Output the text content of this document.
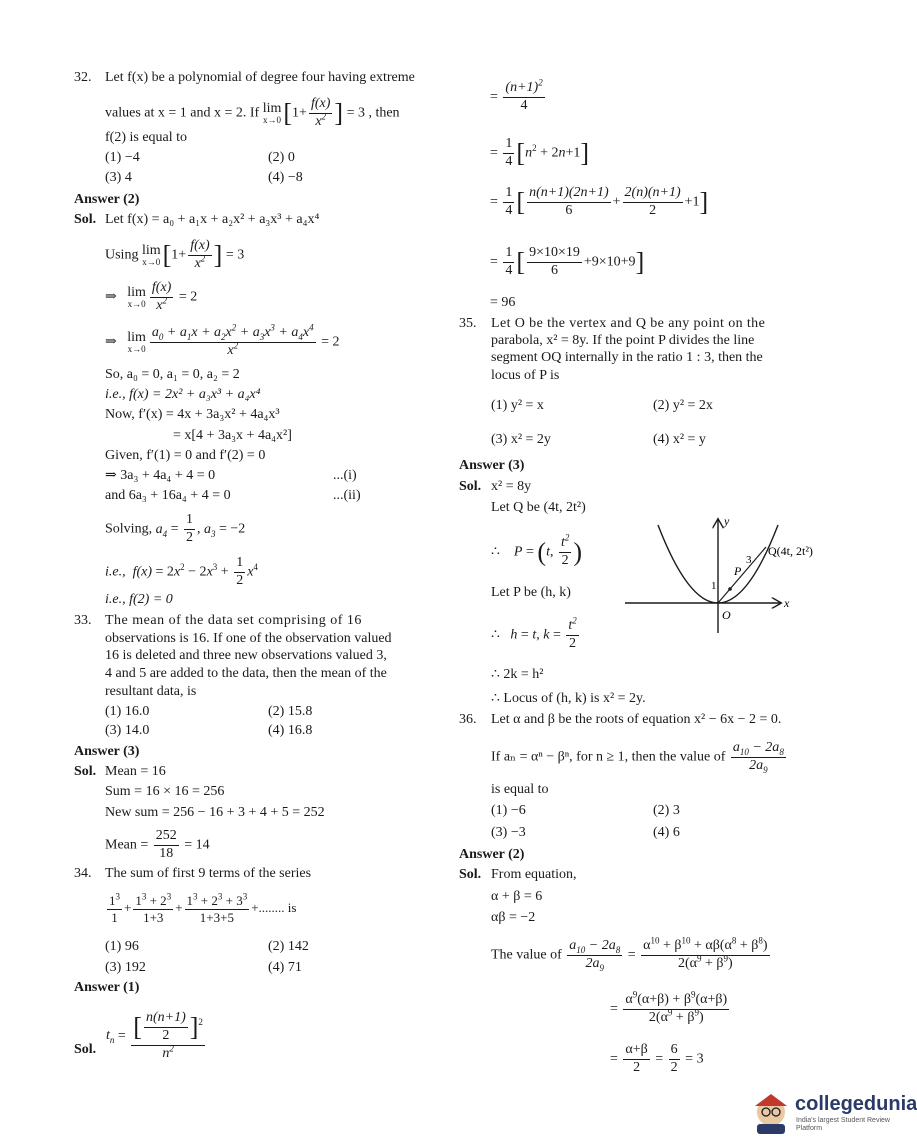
32. Let f(x) be a polynomial of degree four having extreme
values at x = 1 and x = 2. If lim
x→0 [$1+ \frac{f(x)}{x^2}$ ] = 3 , then
f(2) is equal to
(1) −4	(2) 0
(3) 4	(4) −8
Answer (2)
Sol. Let f(x) = a₀ + a₁x + a₂x² + a₃x³ + a₄x⁴
Using lim
x→0 [$1+ \frac{f(x)}{x^2}$ ] = 3
⇒   lim
$x\to 0 \frac{f(x)}{x^2} = 2$
⇒   lim
$x\to 0 \frac{a_0 + a_1x + a_2x^2 + a_3x^3 + a_4x^4}{x^2} = 2$
So, a₀ = 0, a₁ = 0, a₂ = 2
i.e., f(x) = 2x² + a₃x³ + a₄x⁴
Now, f′(x) = 4x + 3a₃x² + 4a₄x³
= x[4 + 3a₃x + 4a₄x²]
Given, f′(1) = 0 and f′(2) = 0
⇒ 3a₃ + 4a₄ + 4 = 0	...(i)
and 6a₃ + 16a₄ + 4 = 0	...(ii)
Solving, $a_4 = \frac{1}{2}$ , $a_3 = -2$
i.e.,  $f(x) = 2x^2 - 2x^3 + \frac{1}{2} x^4$
i.e., f(2) = 0
33. The mean of the data set comprising of 16
observations is 16. If one of the observation valued
16 is deleted and three new observations valued 3,
4 and 5 are added to the data, then the mean of the
resultant data, is
(1) 16.0	(2) 15.8
(3) 14.0	(4) 16.8
Answer (3)
Sol. Mean = 16
Sum = 16 × 16 = 256
New sum = 256 − 16 + 3 + 4 + 5 = 252
Mean = $\frac{252}{18} = 14$
34. The sum of first 9 terms of the series
$\frac{1^3}{1} + \frac{1^3 + 2^3}{1+3} + \frac{1^3 + 2^3 + 3^3}{1+3+5}$ +........ is
(1) 96	(2) 142
(3) 192	(4) 71
Answer (1)
Sol.
$t_n = \frac{[ \frac{n(n+1)}{2} ]^2}{n^2}$
= $\frac{(n+1)^2}{4}$
= $\frac{1}{4} [n^2 + 2n+1]$
= $\frac{1}{4}$ [ $\frac{n(n+1)(2n+1)}{6} + \frac{2(n)(n+1)}{2} +1$]
= $\frac{1}{4}$ [ $\frac{9\times 10\times 19}{6} +9\times 10+9$]
= 96
35. Let O be the vertex and Q be any point on the
parabola, x² = 8y. If the point P divides the line
segment OQ internally in the ratio 1 : 3, then the
locus of P is
(1) y² = x	(2) y² = 2x
(3) x² = 2y	(4) x² = y
Answer (3)
Sol. x² = 8y
Let Q be (4t, 2t²)
∴    P = (t, $\frac{t^2}{2}$ )
Let P be (h, k)
∴   h = t, $k = \frac{t^2}{2}$
∴ 2k = h²
∴ Locus of (h, k) is x² = 2y.
y
x
O
P
Q(4t, 2t²)
1
3
36. Let α and β be the roots of equation x² − 6x − 2 = 0.
If aₙ = αⁿ − βⁿ, for n ≥ 1, then the value of $\frac{a_{10} - 2a_8}{2a_9}$
is equal to
(1) −6	(2) 3
(3) −3	(4) 6
Answer (2)
Sol. From equation,
α + β = 6
αβ = −2
The value of $\frac{a_{10} - 2a_8}{2a_9} = \frac{\alpha^{10} + \beta^{10} + \alpha\beta(\alpha^8 + \beta^8)}{2(\alpha^9 + \beta^9)}$
= $\frac{\alpha^9(\alpha+\beta) + \beta^9(\alpha+\beta)}{2(\alpha^9 + \beta^9)}$
= $\frac{\alpha+\beta}{2} = \frac{6}{2} = 3$
collegedunia
India's largest Student Review Platform
